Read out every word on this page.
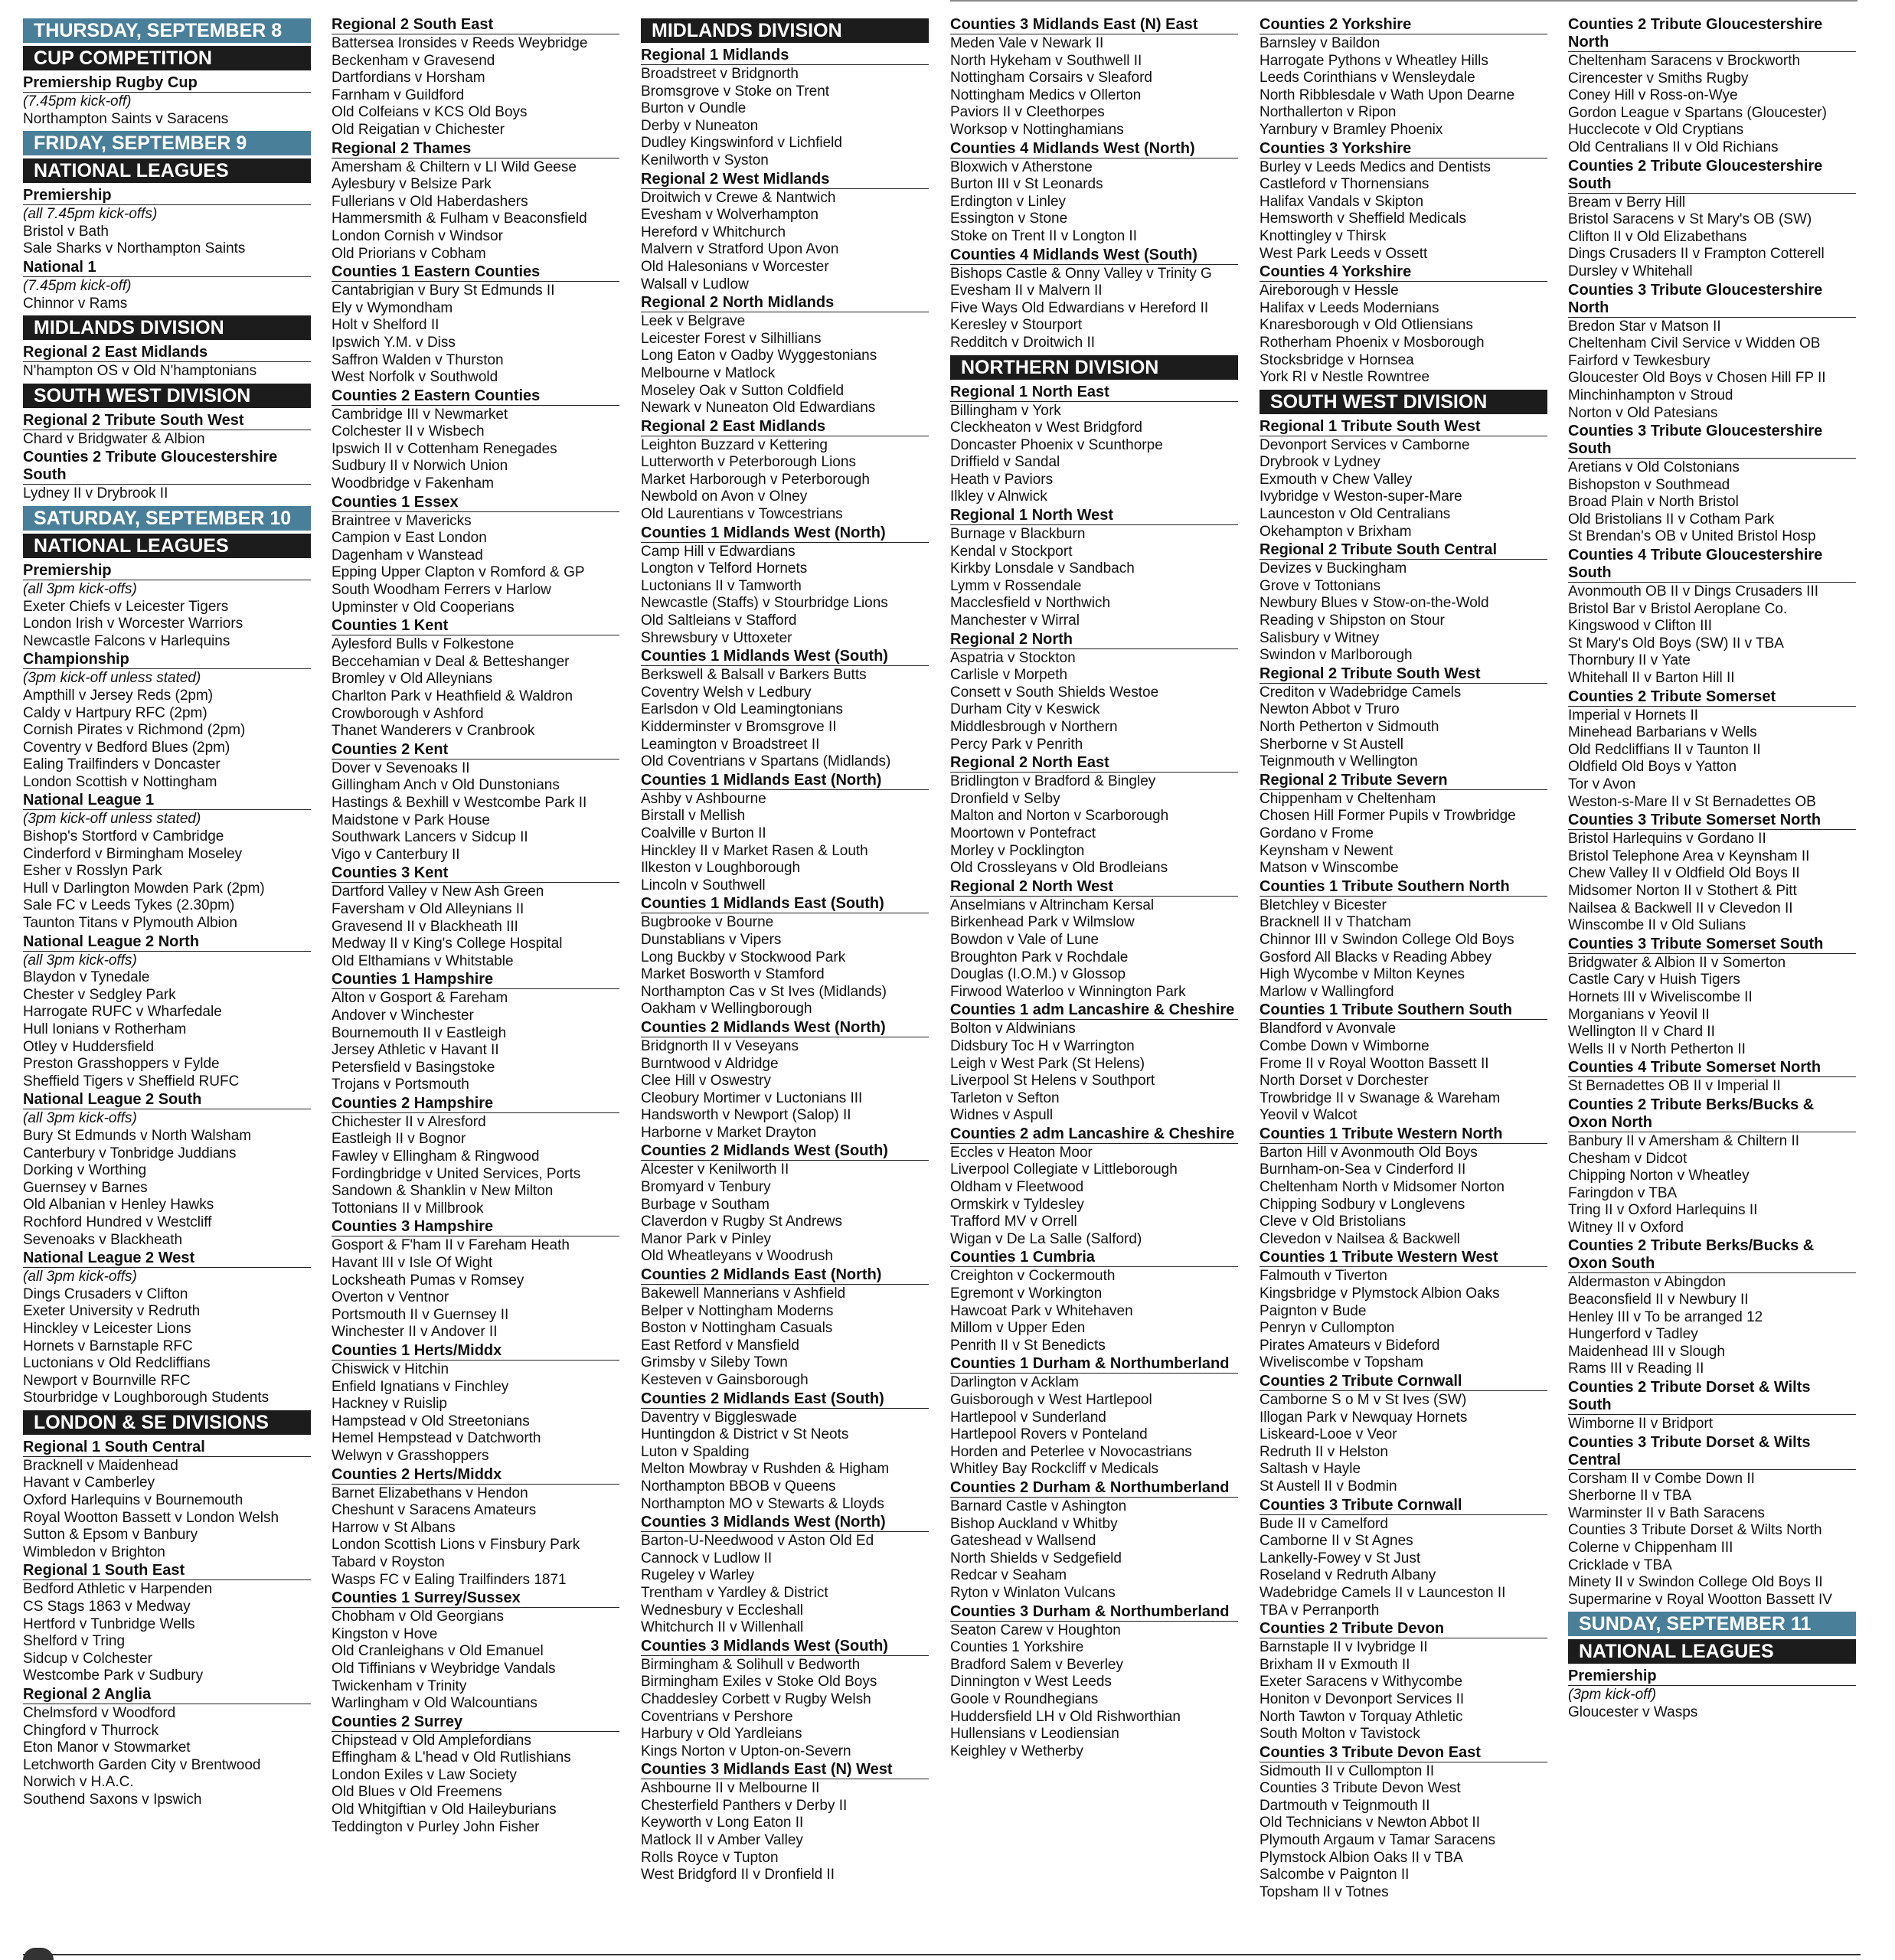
THURSDAY, SEPTEMBER 8
CUP COMPETITION
Premiership Rugby Cup
(7.45pm kick-off)
Northampton Saints v Saracens
FRIDAY, SEPTEMBER 9
NATIONAL LEAGUES
Premiership
(all 7.45pm kick-offs)
Bristol v Bath
Sale Sharks v Northampton Saints
National 1
(7.45pm kick-off)
Chinnor v Rams
MIDLANDS DIVISION
Regional 2 East Midlands
N'hampton OS v Old N'hamptonians
SOUTH WEST DIVISION
Regional 2 Tribute South West
Chard v Bridgwater & Albion
Counties 2 Tribute Gloucestershire South
Lydney II v Drybrook II
SATURDAY, SEPTEMBER 10
NATIONAL LEAGUES
Premiership
(all 3pm kick-offs)
Exeter Chiefs v Leicester Tigers
London Irish v Worcester Warriors
Newcastle Falcons v Harlequins
Championship
(3pm kick-off unless stated)
Ampthill v Jersey Reds (2pm)
Caldy v Hartpury RFC (2pm)
Cornish Pirates v Richmond (2pm)
Coventry v Bedford Blues (2pm)
Ealing Trailfinders v Doncaster
London Scottish v Nottingham
National League 1
(3pm kick-off unless stated)
Bishop's Stortford v Cambridge
Cinderford v Birmingham Moseley
Esher v Rosslyn Park
Hull v Darlington Mowden Park (2pm)
Sale FC v Leeds Tykes (2.30pm)
Taunton Titans v Plymouth Albion
National League 2 North
(all 3pm kick-offs)
Blaydon v Tynedale
Chester v Sedgley Park
Harrogate RUFC v Wharfedale
Hull Ionians v Rotherham
Otley v Huddersfield
Preston Grasshoppers v Fylde
Sheffield Tigers v Sheffield RUFC
National League 2 South
(all 3pm kick-offs)
Bury St Edmunds v North Walsham
Canterbury v Tonbridge Juddians
Dorking v Worthing
Guernsey v Barnes
Old Albanian v Henley Hawks
Rochford Hundred v Westcliff
Sevenoaks v Blackheath
National League 2 West
(all 3pm kick-offs)
Dings Crusaders v Clifton
Exeter University v Redruth
Hinckley v Leicester Lions
Hornets v Barnstaple RFC
Luctonians v Old Redcliffians
Newport v Bournville RFC
Stourbridge v Loughborough Students
LONDON & SE DIVISIONS
Regional 1 South Central
Bracknell v Maidenhead
Havant v Camberley
Oxford Harlequins v Bournemouth
Royal Wootton Bassett v London Welsh
Sutton & Epsom v Banbury
Wimbledon v Brighton
Regional 1 South East
Bedford Athletic v Harpenden
CS Stags 1863 v Medway
Hertford v Tunbridge Wells
Shelford v Tring
Sidcup v Colchester
Westcombe Park v Sudbury
Regional 2 Anglia
Chelmsford v Woodford
Chingford v Thurrock
Eton Manor v Stowmarket
Letchworth Garden City v Brentwood
Norwich v H.A.C.
Southend Saxons v Ipswich
Regional 2 South East
Battersea Ironsides v Reeds Weybridge
Beckenham v Gravesend
Dartfordians v Horsham
Farnham v Guildford
Old Colfeians v KCS Old Boys
Old Reigatian v Chichester
Regional 2 Thames
Amersham & Chiltern v LI Wild Geese
Aylesbury v Belsize Park
Fullerians v Old Haberdashers
Hammersmith & Fulham v Beaconsfield
London Cornish v Windsor
Old Priorians v Cobham
Counties 1 Eastern Counties
Cantabrigian v Bury St Edmunds II
Ely v Wymondham
Holt v Shelford II
Ipswich Y.M. v Diss
Saffron Walden v Thurston
West Norfolk v Southwold
Counties 2 Eastern Counties
Cambridge III v Newmarket
Colchester II v Wisbech
Ipswich II v Cottenham Renegades
Sudbury II v Norwich Union
Woodbridge v Fakenham
Counties 1 Essex
Braintree v Mavericks
Campion v East London
Dagenham v Wanstead
Epping Upper Clapton v Romford & GP
South Woodham Ferrers v Harlow
Upminster v Old Cooperians
Counties 1 Kent
Aylesford Bulls v Folkestone
Beccehamian v Deal & Betteshanger
Bromley v Old Alleynians
Charlton Park v Heathfield & Waldron
Crowborough v Ashford
Thanet Wanderers v Cranbrook
Counties 2 Kent
Dover v Sevenoaks II
Gillingham Anch v Old Dunstonians
Hastings & Bexhill v Westcombe Park II
Maidstone v Park House
Southwark Lancers v Sidcup II
Vigo v Canterbury II
Counties 3 Kent
Dartford Valley v New Ash Green
Faversham v Old Alleynians II
Gravesend II v Blackheath III
Medway II v King's College Hospital
Old Elthamians v Whitstable
Counties 1 Hampshire
Alton v Gosport & Fareham
Andover v Winchester
Bournemouth II v Eastleigh
Jersey Athletic v Havant II
Petersfield v Basingstoke
Trojans v Portsmouth
Counties 2 Hampshire
Chichester II v Alresford
Eastleigh II v Bognor
Fawley v Ellingham & Ringwood
Fordingbridge v United Services, Ports
Sandown & Shanklin v New Milton
Tottonians II v Millbrook
Counties 3 Hampshire
Gosport & F'ham II v Fareham Heath
Havant III v Isle Of Wight
Locksheath Pumas v Romsey
Overton v Ventnor
Portsmouth II v Guernsey II
Winchester II v Andover II
Counties 1 Herts/Middx
Chiswick v Hitchin
Enfield Ignatians v Finchley
Hackney v Ruislip
Hampstead v Old Streetonians
Hemel Hempstead v Datchworth
Welwyn v Grasshoppers
Counties 2 Herts/Middx
Barnet Elizabethans v Hendon
Cheshunt v Saracens Amateurs
Harrow v St Albans
London Scottish Lions v Finsbury Park
Tabard v Royston
Wasps FC v Ealing Trailfinders 1871
Counties 1 Surrey/Sussex
Chobham v Old Georgians
Kingston v Hove
Old Cranleighans v Old Emanuel
Old Tiffinians v Weybridge Vandals
Twickenham v Trinity
Warlingham v Old Walcountians
Counties 2 Surrey
Chipstead v Old Amplefordians
Effingham & L'head v Old Rutlishians
London Exiles v Law Society
Old Blues v Old Freemens
Old Whitgiftian v Old Haileyburians
Teddington v Purley John Fisher
MIDLANDS DIVISION
Regional 1 Midlands
Broadstreet v Bridgnorth
Bromsgrove v Stoke on Trent
Burton v Oundle
Derby v Nuneaton
Dudley Kingswinford v Lichfield
Kenilworth v Syston
Regional 2 West Midlands
Droitwich v Crewe & Nantwich
Evesham v Wolverhampton
Hereford v Whitchurch
Malvern v Stratford Upon Avon
Old Halesonians v Worcester
Walsall v Ludlow
Regional 2 North Midlands
Leek v Belgrave
Leicester Forest v Silhillians
Long Eaton v Oadby Wyggestonians
Melbourne v Matlock
Moseley Oak v Sutton Coldfield
Newark v Nuneaton Old Edwardians
Regional 2 East Midlands
Leighton Buzzard v Kettering
Lutterworth v Peterborough Lions
Market Harborough v Peterborough
Newbold on Avon v Olney
Old Laurentians v Towcestrians
Counties 1 Midlands West (North)
Camp Hill v Edwardians
Longton v Telford Hornets
Luctonians II v Tamworth
Newcastle (Staffs) v Stourbridge Lions
Old Saltleians v Stafford
Shrewsbury v Uttoxeter
Counties 1 Midlands West (South)
Berkswell & Balsall v Barkers Butts
Coventry Welsh v Ledbury
Earlsdon v Old Leamingtonians
Kidderminster v Bromsgrove II
Leamington v Broadstreet II
Old Coventrians v Spartans (Midlands)
Counties 1 Midlands East (North)
Ashby v Ashbourne
Birstall v Mellish
Coalville v Burton II
Hinckley II v Market Rasen & Louth
Ilkeston v Loughborough
Lincoln v Southwell
Counties 1 Midlands East (South)
Bugbrooke v Bourne
Dunstablians v Vipers
Long Buckby v Stockwood Park
Market Bosworth v Stamford
Northampton Cas v St Ives (Midlands)
Oakham v Wellingborough
Counties 2 Midlands West (North)
Bridgnorth II v Veseyans
Burntwood v Aldridge
Clee Hill v Oswestry
Cleobury Mortimer v Luctonians III
Handsworth v Newport (Salop) II
Harborne v Market Drayton
Counties 2 Midlands West (South)
Alcester v Kenilworth II
Bromyard v Tenbury
Burbage v Southam
Claverdon v Rugby St Andrews
Manor Park v Pinley
Old Wheatleyans v Woodrush
Counties 2 Midlands East (North)
Bakewell Mannerians v Ashfield
Belper v Nottingham Moderns
Boston v Nottingham Casuals
East Retford v Mansfield
Grimsby v Sileby Town
Kesteven v Gainsborough
Counties 2 Midlands East (South)
Daventry v Biggleswade
Huntingdon & District v St Neots
Luton v Spalding
Melton Mowbray v Rushden & Higham
Northampton BBOB v Queens
Northampton MO v Stewarts & Lloyds
Counties 3 Midlands West (North)
Barton-U-Needwood v Aston Old Ed
Cannock v Ludlow II
Rugeley v Warley
Trentham v Yardley & District
Wednesbury v Eccleshall
Whitchurch II v Willenhall
Counties 3 Midlands West (South)
Birmingham & Solihull v Bedworth
Birmingham Exiles v Stoke Old Boys
Chaddesley Corbett v Rugby Welsh
Coventrians v Pershore
Harbury v Old Yardleians
Kings Norton v Upton-on-Severn
Counties 3 Midlands East (N) West
Ashbourne II v Melbourne II
Chesterfield Panthers v Derby II
Keyworth v Long Eaton II
Matlock II v Amber Valley
Rolls Royce v Tupton
West Bridgford II v Dronfield II
Counties 3 Midlands East (N) East
Meden Vale v Newark II
North Hykeham v Southwell II
Nottingham Corsairs v Sleaford
Nottingham Medics v Ollerton
Paviors II v Cleethorpes
Worksop v Nottinghamians
Counties 4 Midlands West (North)
Bloxwich v Atherstone
Burton III v St Leonards
Erdington v Linley
Essington v Stone
Stoke on Trent II v Longton II
Counties 4 Midlands West (South)
Bishops Castle & Onny Valley v Trinity G
Evesham II v Malvern II
Five Ways Old Edwardians v Hereford II
Keresley v Stourport
Redditch v Droitwich II
NORTHERN DIVISION
Regional 1 North East
Billingham v York
Cleckheaton v West Bridgford
Doncaster Phoenix v Scunthorpe
Driffield v Sandal
Heath v Paviors
Ilkley v Alnwick
Regional 1 North West
Burnage v Blackburn
Kendal v Stockport
Kirkby Lonsdale v Sandbach
Lymm v Rossendale
Macclesfield v Northwich
Manchester v Wirral
Regional 2 North
Aspatria v Stockton
Carlisle v Morpeth
Consett v South Shields Westoe
Durham City v Keswick
Middlesbrough v Northern
Percy Park v Penrith
Regional 2 North East
Bridlington v Bradford & Bingley
Dronfield v Selby
Malton and Norton v Scarborough
Moortown v Pontefract
Morley v Pocklington
Old Crossleyans v Old Brodleians
Regional 2 North West
Anselmians v Altrincham Kersal
Birkenhead Park v Wilmslow
Bowdon v Vale of Lune
Broughton Park v Rochdale
Douglas (I.O.M.) v Glossop
Firwood Waterloo v Winnington Park
Counties 1 adm Lancashire & Cheshire
Bolton v Aldwinians
Didsbury Toc H v Warrington
Leigh v West Park (St Helens)
Liverpool St Helens v Southport
Tarleton v Sefton
Widnes v Aspull
Counties 2 adm Lancashire & Cheshire
Eccles v Heaton Moor
Liverpool Collegiate v Littleborough
Oldham v Fleetwood
Ormskirk v Tyldesley
Trafford MV v Orrell
Wigan v De La Salle (Salford)
Counties 1 Cumbria
Creighton v Cockermouth
Egremont v Workington
Hawcoat Park v Whitehaven
Millom v Upper Eden
Penrith II v St Benedicts
Counties 1 Durham & Northumberland
Darlington v Acklam
Guisborough v West Hartlepool
Hartlepool v Sunderland
Hartlepool Rovers v Ponteland
Horden and Peterlee v Novocastrians
Whitley Bay Rockcliff v Medicals
Counties 2 Durham & Northumberland
Barnard Castle v Ashington
Bishop Auckland v Whitby
Gateshead v Wallsend
North Shields v Sedgefield
Redcar v Seaham
Ryton v Winlaton Vulcans
Counties 3 Durham & Northumberland
Seaton Carew v Houghton
Counties 1 Yorkshire
Bradford Salem v Beverley
Dinnington v West Leeds
Goole v Roundhegians
Huddersfield LH v Old Rishworthian
Hullensians v Leodiensian
Keighley v Wetherby
Counties 2 Yorkshire
Barnsley v Baildon
Harrogate Pythons v Wheatley Hills
Leeds Corinthians v Wensleydale
North Ribblesdale v Wath Upon Dearne
Northallerton v Ripon
Yarnbury v Bramley Phoenix
Counties 3 Yorkshire
Burley v Leeds Medics and Dentists
Castleford v Thornensians
Halifax Vandals v Skipton
Hemsworth v Sheffield Medicals
Knottingley v Thirsk
West Park Leeds v Ossett
Counties 4 Yorkshire
Aireborough v Hessle
Halifax v Leeds Modernians
Knaresborough v Old Otliensians
Rotherham Phoenix v Mosborough
Stocksbridge v Hornsea
York RI v Nestle Rowntree
SOUTH WEST DIVISION
Regional 1 Tribute South West
Devonport Services v Camborne
Drybrook v Lydney
Exmouth v Chew Valley
Ivybridge v Weston-super-Mare
Launceston v Old Centralians
Okehampton v Brixham
Regional 2 Tribute South Central
Devizes v Buckingham
Grove v Tottonians
Newbury Blues v Stow-on-the-Wold
Reading v Shipston on Stour
Salisbury v Witney
Swindon v Marlborough
Regional 2 Tribute South West
Crediton v Wadebridge Camels
Newton Abbot v Truro
North Petherton v Sidmouth
Sherborne v St Austell
Teignmouth v Wellington
Regional 2 Tribute Severn
Chippenham v Cheltenham
Chosen Hill Former Pupils v Trowbridge
Gordano v Frome
Keynsham v Newent
Matson v Winscombe
Counties 1 Tribute Southern North
Bletchley v Bicester
Bracknell II v Thatcham
Chinnor III v Swindon College Old Boys
Gosford All Blacks v Reading Abbey
High Wycombe v Milton Keynes
Marlow v Wallingford
Counties 1 Tribute Southern South
Blandford v Avonvale
Combe Down v Wimborne
Frome II v Royal Wootton Bassett II
North Dorset v Dorchester
Trowbridge II v Swanage & Wareham
Yeovil v Walcot
Counties 1 Tribute Western North
Barton Hill v Avonmouth Old Boys
Burnham-on-Sea v Cinderford II
Cheltenham North v Midsomer Norton
Chipping Sodbury v Longlevens
Cleve v Old Bristolians
Clevedon v Nailsea & Backwell
Counties 1 Tribute Western West
Falmouth v Tiverton
Kingsbridge v Plymstock Albion Oaks
Paignton v Bude
Penryn v Cullompton
Pirates Amateurs v Bideford
Wiveliscombe v Topsham
Counties 2 Tribute Cornwall
Camborne S o M v St Ives (SW)
Illogan Park v Newquay Hornets
Liskeard-Looe v Veor
Redruth II v Helston
Saltash v Hayle
St Austell II v Bodmin
Counties 3 Tribute Cornwall
Bude II v Camelford
Camborne II v St Agnes
Lankelly-Fowey v St Just
Roseland v Redruth Albany
Wadebridge Camels II v Launceston II
TBA v Perranporth
Counties 2 Tribute Devon
Barnstaple II v Ivybridge II
Brixham II v Exmouth II
Exeter Saracens v Withycombe
Honiton v Devonport Services II
North Tawton v Torquay Athletic
South Molton v Tavistock
Counties 3 Tribute Devon East
Sidmouth II v Cullompton II
Counties 3 Tribute Devon West
Dartmouth v Teignmouth II
Old Technicians v Newton Abbot II
Plymouth Argaum v Tamar Saracens
Plymstock Albion Oaks II v TBA
Salcombe v Paignton II
Topsham II v Totnes
Counties 2 Tribute Gloucestershire North
Cheltenham Saracens v Brockworth
Cirencester v Smiths Rugby
Coney Hill v Ross-on-Wye
Gordon League v Spartans (Gloucester)
Hucclecote v Old Cryptians
Old Centralians II v Old Richians
Counties 2 Tribute Gloucestershire South
Bream v Berry Hill
Bristol Saracens v St Mary's OB (SW)
Clifton II v Old Elizabethans
Dings Crusaders II v Frampton Cotterell
Dursley v Whitehall
Counties 3 Tribute Gloucestershire North
Bredon Star v Matson II
Cheltenham Civil Service v Widden OB
Fairford v Tewkesbury
Gloucester Old Boys v Chosen Hill FP II
Minchinhampton v Stroud
Norton v Old Patesians
Counties 3 Tribute Gloucestershire South
Aretians v Old Colstonians
Bishopston v Southmead
Broad Plain v North Bristol
Old Bristolians II v Cotham Park
St Brendan's OB v United Bristol Hosp
Counties 4 Tribute Gloucestershire South
Avonmouth OB II v Dings Crusaders III
Bristol Bar v Bristol Aeroplane Co.
Kingswood v Clifton III
St Mary's Old Boys (SW) II v TBA
Thornbury II v Yate
Whitehall II v Barton Hill II
Counties 2 Tribute Somerset
Imperial v Hornets II
Minehead Barbarians v Wells
Old Redcliffians II v Taunton II
Oldfield Old Boys v Yatton
Tor v Avon
Weston-s-Mare II v St Bernadettes OB
Counties 3 Tribute Somerset North
Bristol Harlequins v Gordano II
Bristol Telephone Area v Keynsham II
Chew Valley II v Oldfield Old Boys II
Midsomer Norton II v Stothert & Pitt
Nailsea & Backwell II v Clevedon II
Winscombe II v Old Sulians
Counties 3 Tribute Somerset South
Bridgwater & Albion II v Somerton
Castle Cary v Huish Tigers
Hornets III v Wiveliscombe II
Morganians v Yeovil II
Wellington II v Chard II
Wells II v North Petherton II
Counties 4 Tribute Somerset North
St Bernadettes OB II v Imperial II
Counties 2 Tribute Berks/Bucks & Oxon North
Banbury II v Amersham & Chiltern II
Chesham v Didcot
Chipping Norton v Wheatley
Faringdon v TBA
Tring II v Oxford Harlequins II
Witney II v Oxford
Counties 2 Tribute Berks/Bucks & Oxon South
Aldermaston v Abingdon
Beaconsfield II v Newbury II
Henley III v To be arranged 12
Hungerford v Tadley
Maidenhead III v Slough
Rams III v Reading II
Counties 2 Tribute Dorset & Wilts South
Wimborne II v Bridport
Counties 3 Tribute Dorset & Wilts Central
Corsham II v Combe Down II
Sherborne II v TBA
Warminster II v Bath Saracens
Counties 3 Tribute Dorset & Wilts North
Colerne v Chippenham III
Cricklade v TBA
Minety II v Swindon College Old Boys II
Supermarine v Royal Wootton Bassett IV
SUNDAY, SEPTEMBER 11
NATIONAL LEAGUES
Premiership
(3pm kick-off)
Gloucester v Wasps
